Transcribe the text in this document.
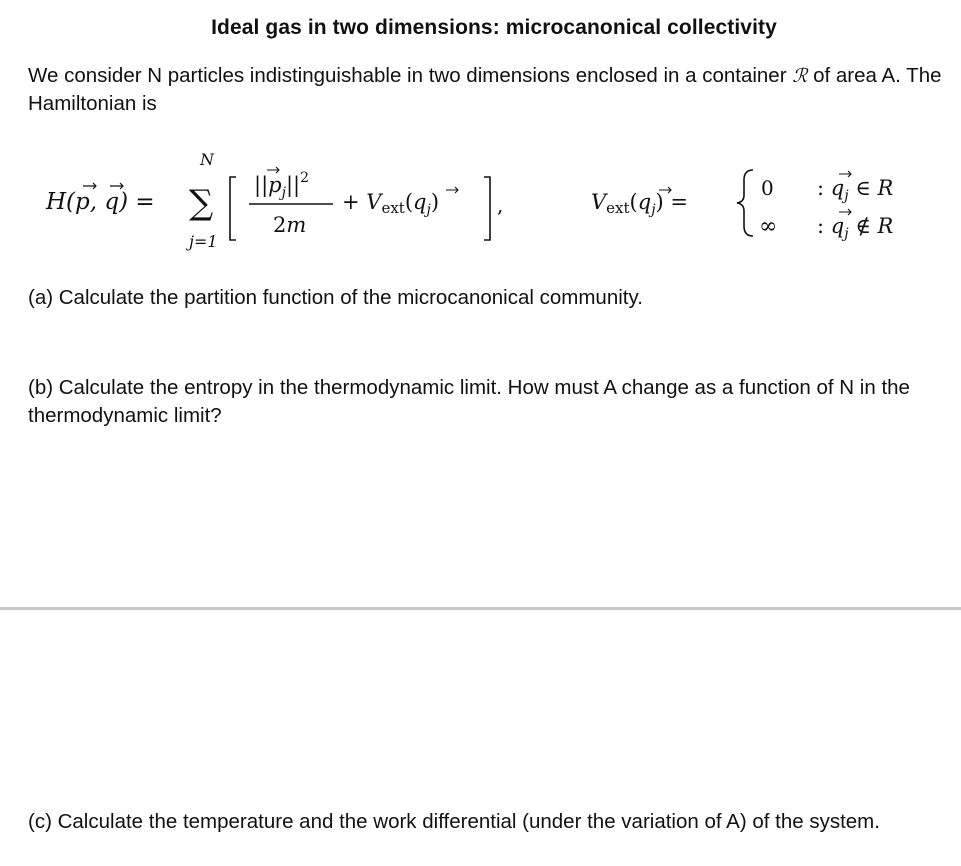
Ideal gas in two dimensions: microcanonical collectivity
We consider N particles indistinguishable in two dimensions enclosed in a container ℛ of area A. The Hamiltonian is
H(p, q) =
N
∑
j=1
$||p_j||^2$
2m
+ $Vext(q_j)$	,	$Vext(q_j)$ =
0 : $q_j$ ∈ R
∞ : $q_j$ ∉ R
(a) Calculate the partition function of the microcanonical community.
(b) Calculate the entropy in the thermodynamic limit. How must A change as a function of N in the thermodynamic limit?
(c) Calculate the temperature and the work differential (under the variation of A) of the system.
